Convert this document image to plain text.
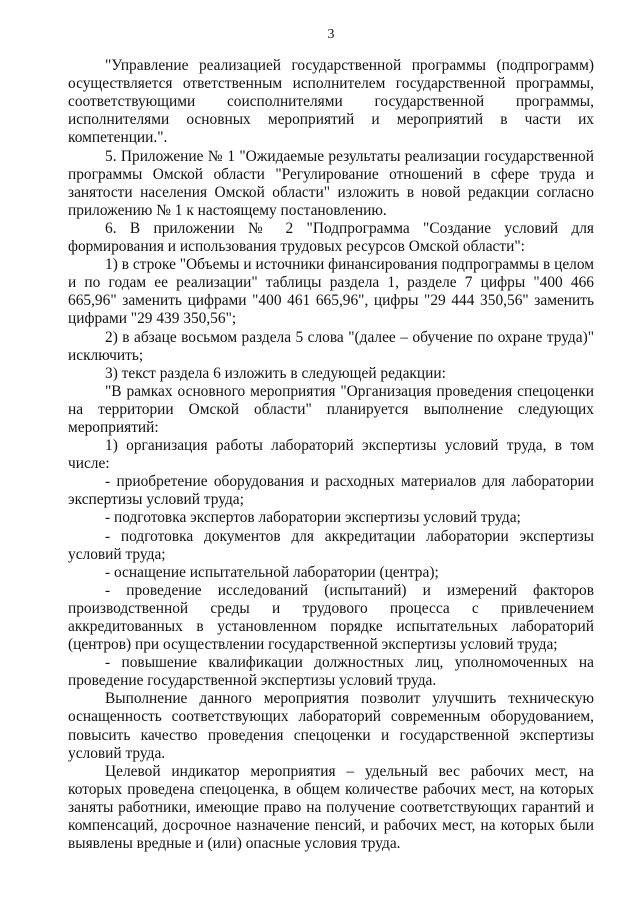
3

"Управление реализацией государственной программы (подпрограмм) осуществляется ответственным исполнителем государственной программы, соответствующими соисполнителями государственной программы, исполнителями основных мероприятий и мероприятий в части их компетенции.".

5. Приложение № 1 "Ожидаемые результаты реализации государственной программы Омской области "Регулирование отношений в сфере труда и занятости населения Омской области" изложить в новой редакции согласно приложению № 1 к настоящему постановлению.

6. В приложении № 2 "Подпрограмма "Создание условий для формирования и использования трудовых ресурсов Омской области":

1) в строке "Объемы и источники финансирования подпрограммы в целом и по годам ее реализации" таблицы раздела 1, разделе 7 цифры "400 466 665,96" заменить цифрами "400 461 665,96", цифры "29 444 350,56" заменить цифрами "29 439 350,56";

2) в абзаце восьмом раздела 5 слова "(далее – обучение по охране труда)" исключить;

3) текст раздела 6 изложить в следующей редакции:

"В рамках основного мероприятия "Организация проведения спецоценки на территории Омской области" планируется выполнение следующих мероприятий:

1) организация работы лабораторий экспертизы условий труда, в том числе:

- приобретение оборудования и расходных материалов для лаборатории экспертизы условий труда;

- подготовка экспертов лаборатории экспертизы условий труда;

- подготовка документов для аккредитации лаборатории экспертизы условий труда;

- оснащение испытательной лаборатории (центра);

- проведение исследований (испытаний) и измерений факторов производственной среды и трудового процесса с привлечением аккредитованных в установленном порядке испытательных лабораторий (центров) при осуществлении государственной экспертизы условий труда;

- повышение квалификации должностных лиц, уполномоченных на проведение государственной экспертизы условий труда.

Выполнение данного мероприятия позволит улучшить техническую оснащенность соответствующих лабораторий современным оборудованием, повысить качество проведения спецоценки и государственной экспертизы условий труда.

Целевой индикатор мероприятия – удельный вес рабочих мест, на которых проведена спецоценка, в общем количестве рабочих мест, на которых заняты работники, имеющие право на получение соответствующих гарантий и компенсаций, досрочное назначение пенсий, и рабочих мест, на которых были выявлены вредные и (или) опасные условия труда.
